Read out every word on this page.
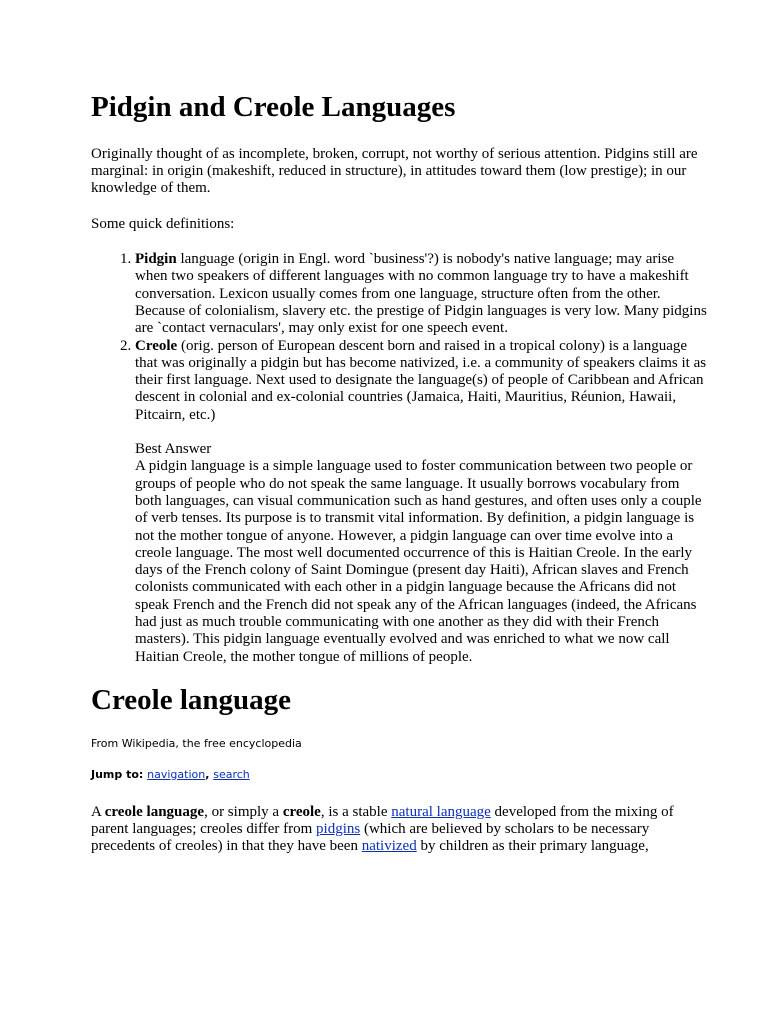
Pidgin and Creole Languages

Originally thought of as incomplete, broken, corrupt, not worthy of serious attention. Pidgins still are marginal: in origin (makeshift, reduced in structure), in attitudes toward them (low prestige); in our knowledge of them.

Some quick definitions:

1. Pidgin language (origin in Engl. word `business'?) is nobody's native language; may arise when two speakers of different languages with no common language try to have a makeshift conversation. Lexicon usually comes from one language, structure often from the other. Because of colonialism, slavery etc. the prestige of Pidgin languages is very low. Many pidgins are `contact vernaculars', may only exist for one speech event.
2. Creole (orig. person of European descent born and raised in a tropical colony) is a language that was originally a pidgin but has become nativized, i.e. a community of speakers claims it as their first language. Next used to designate the language(s) of people of Caribbean and African descent in colonial and ex-colonial countries (Jamaica, Haiti, Mauritius, Réunion, Hawaii, Pitcairn, etc.)

Best Answer

A pidgin language is a simple language used to foster communication between two people or groups of people who do not speak the same language. It usually borrows vocabulary from both languages, can visual communication such as hand gestures, and often uses only a couple of verb tenses. Its purpose is to transmit vital information. By definition, a pidgin language is not the mother tongue of anyone. However, a pidgin language can over time evolve into a creole language. The most well documented occurrence of this is Haitian Creole. In the early days of the French colony of Saint Domingue (present day Haiti), African slaves and French colonists communicated with each other in a pidgin language because the Africans did not speak French and the French did not speak any of the African languages (indeed, the Africans had just as much trouble communicating with one another as they did with their French masters). This pidgin language eventually evolved and was enriched to what we now call Haitian Creole, the mother tongue of millions of people.

Creole language
From Wikipedia, the free encyclopedia
Jump to: navigation, search

A creole language, or simply a creole, is a stable natural language developed from the mixing of parent languages; creoles differ from pidgins (which are believed by scholars to be necessary precedents of creoles) in that they have been nativized by children as their primary language,
